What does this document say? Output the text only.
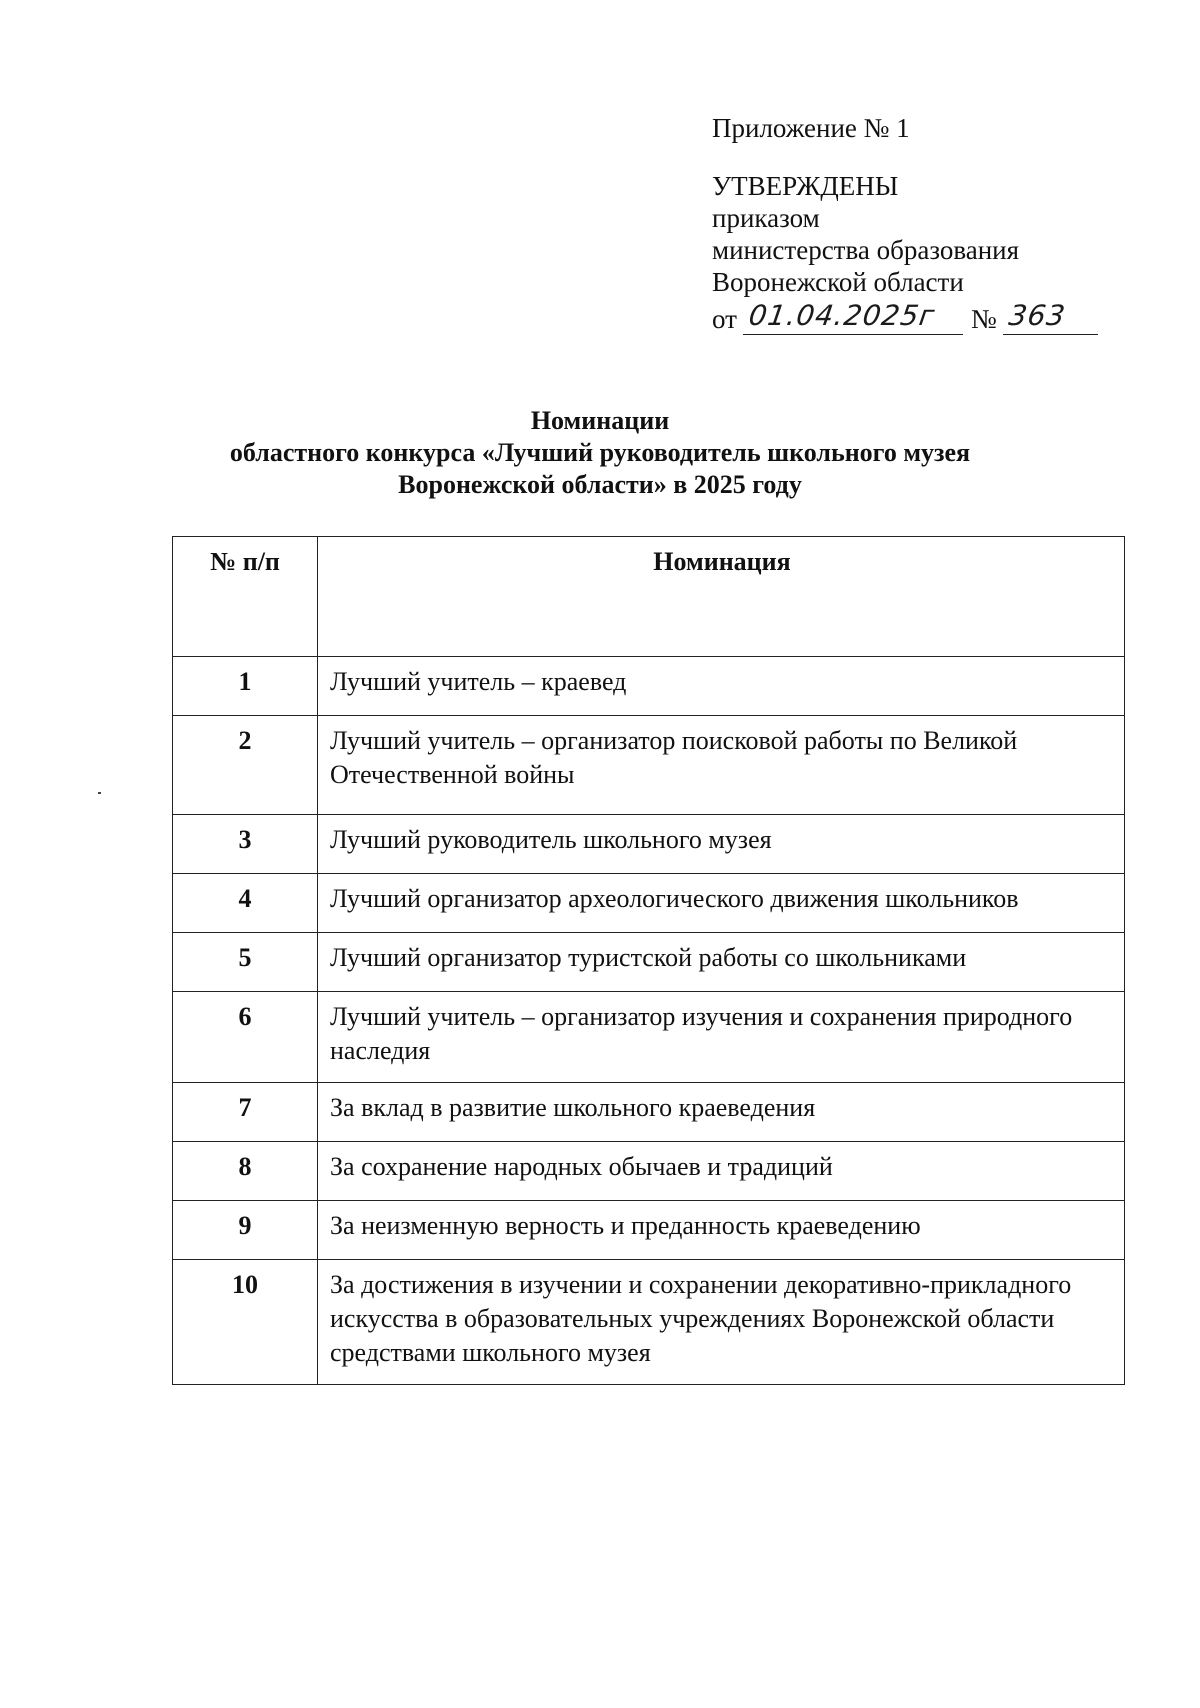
Приложение № 1
УТВЕРЖДЕНЫ
приказом
министерства образования
Воронежской области
от 01.04.2025г № 363
Номинации
областного конкурса «Лучший руководитель школьного музея
Воронежской области» в 2025 году
№ п/п	Номинация
1	Лучший учитель – краевед
2	Лучший учитель – организатор поисковой работы по Великой Отечественной войны
3	Лучший руководитель школьного музея
4	Лучший организатор археологического движения школьников
5	Лучший организатор туристской работы со школьниками
6	Лучший учитель – организатор изучения и сохранения природного наследия
7	За вклад в развитие школьного краеведения
8	За сохранение народных обычаев и традиций
9	За неизменную верность и преданность краеведению
10	За достижения в изучении и сохранении декоративно-прикладного искусства в образовательных учреждениях Воронежской области средствами школьного музея
